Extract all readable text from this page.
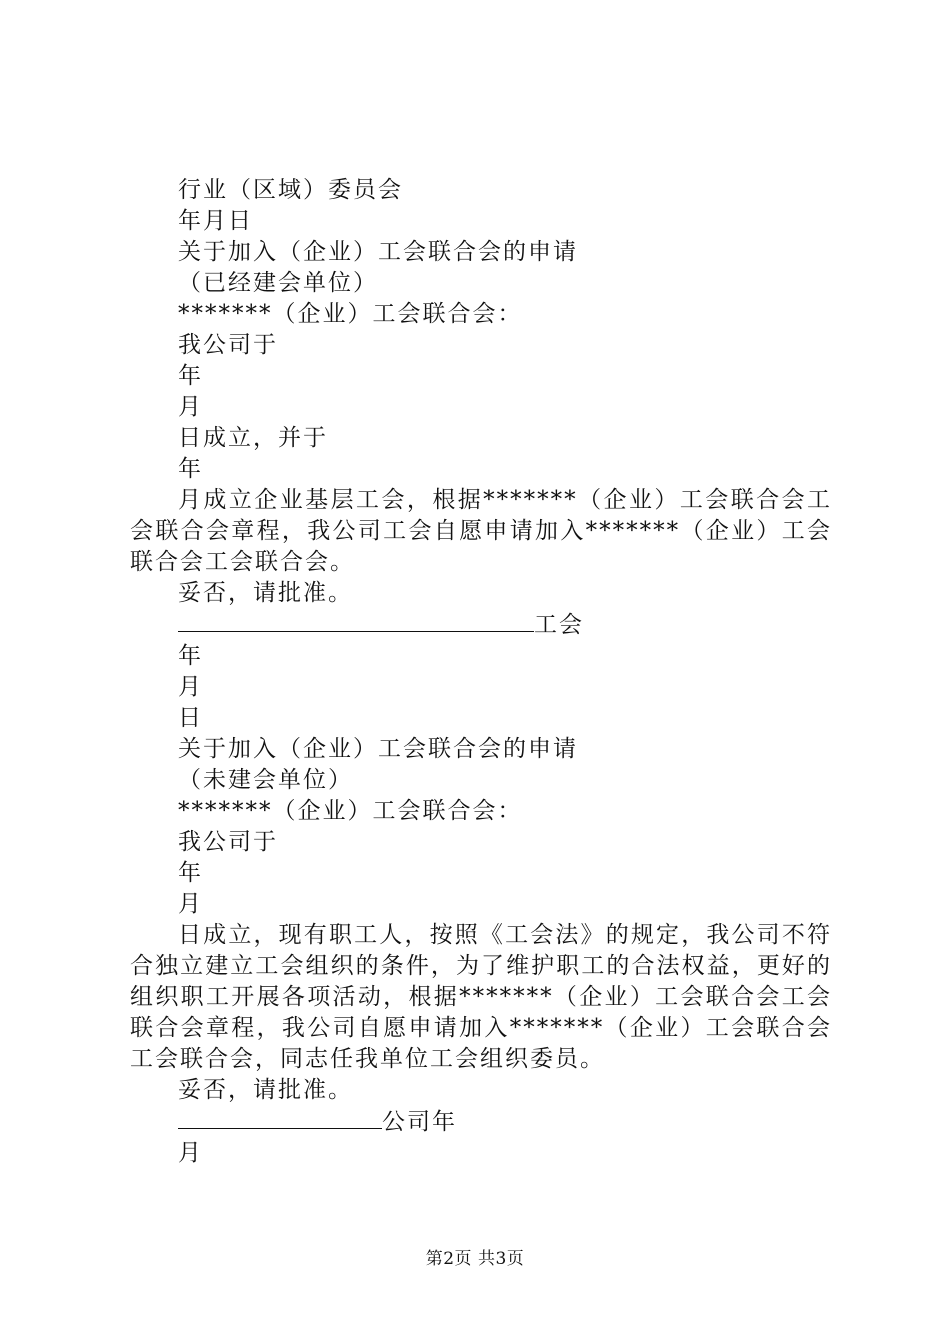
行业（区域）委员会
年月日
关于加入（企业）工会联合会的申请
（已经建会单位）
*******（企业）工会联合会：
我公司于
年
月
日成立，并于
年
月成立企业基层工会，根据*******（企业）工会联合会工会联合会章程，我公司工会自愿申请加入*******（企业）工会联合会工会联合会。
妥否，请批准。
工会
年
月
日
关于加入（企业）工会联合会的申请
（未建会单位）
*******（企业）工会联合会：
我公司于
年
月
日成立，现有职工人，按照《工会法》的规定，我公司不符合独立建立工会组织的条件，为了维护职工的合法权益，更好的组织职工开展各项活动，根据*******（企业）工会联合会工会联合会章程，我公司自愿申请加入*******（企业）工会联合会工会联合会，同志任我单位工会组织委员。
妥否，请批准。
公司年
月
第2页 共3页
